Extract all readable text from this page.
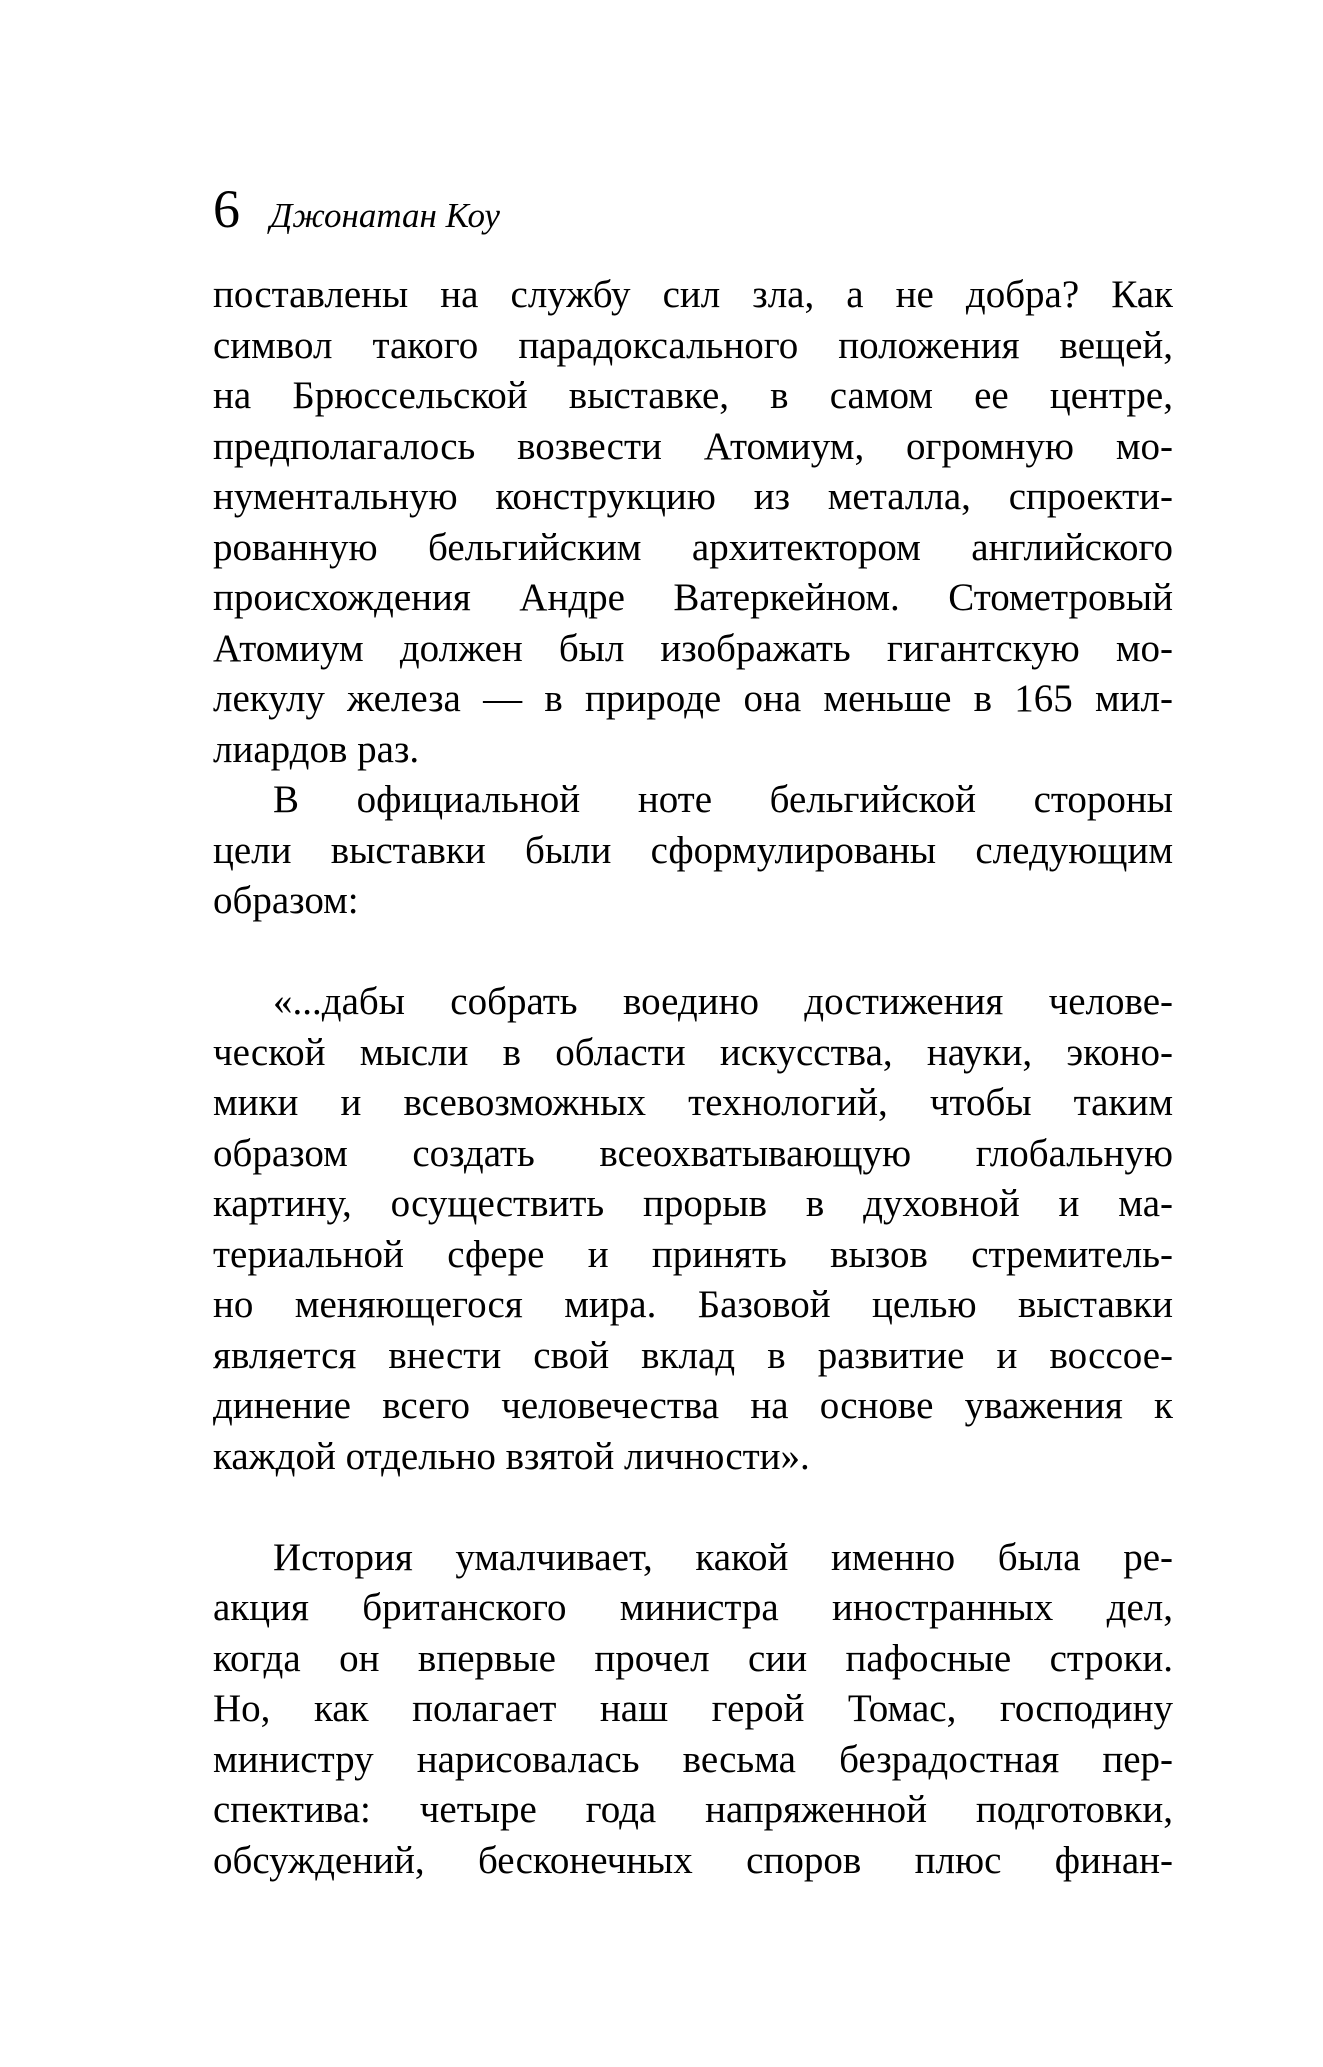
6 Джонатан Коу

поставлены на службу сил зла, а не добра? Как
символ такого парадоксального положения вещей,
на Брюссельской выставке, в самом ее центре,
предполагалось возвести Атомиум, огромную мо-
нументальную конструкцию из металла, спроекти-
рованную бельгийским архитектором английского
происхождения Андре Ватеркейном. Стометровый
Атомиум должен был изображать гигантскую мо-
лекулу железа — в природе она меньше в 165 мил-
лиардов раз.

В официальной ноте бельгийской стороны
цели выставки были сформулированы следующим
образом:

«...дабы собрать воедино достижения челове-
ческой мысли в области искусства, науки, эконо-
мики и всевозможных технологий, чтобы таким
образом создать всеохватывающую глобальную
картину, осуществить прорыв в духовной и ма-
териальной сфере и принять вызов стремитель-
но меняющегося мира. Базовой целью выставки
является внести свой вклад в развитие и воссое-
динение всего человечества на основе уважения к
каждой отдельно взятой личности».

История умалчивает, какой именно была ре-
акция британского министра иностранных дел,
когда он впервые прочел сии пафосные строки.
Но, как полагает наш герой Томас, господину
министру нарисовалась весьма безрадостная пер-
спектива: четыре года напряженной подготовки,
обсуждений, бесконечных споров плюс финан-
